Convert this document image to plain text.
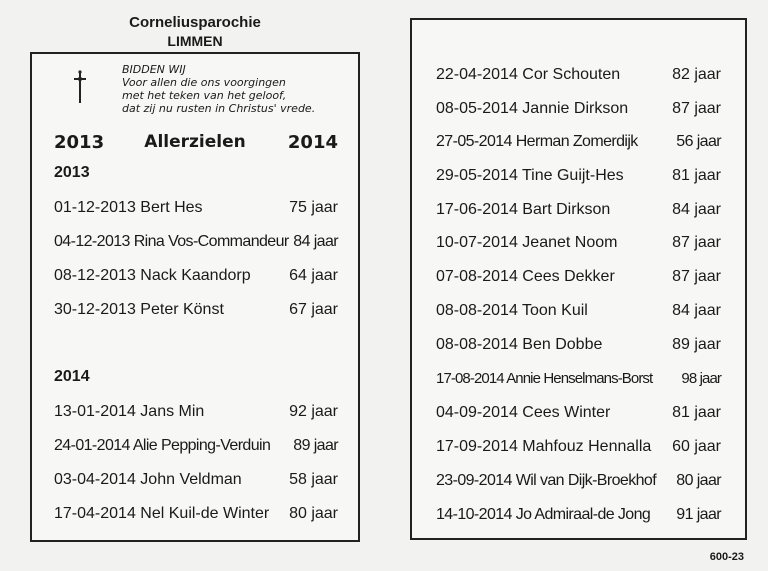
Corneliusparochie
LIMMEN
BIDDEN WIJ
Voor allen die ons voorgingen
met het teken van het geloof,
dat zij nu rusten in Christus' vrede.
2013	Allerzielen	2014
2013
01-12-2013 Bert Hes	75 jaar
04-12-2013 Rina Vos-Commandeur 84 jaar
08-12-2013 Nack Kaandorp 64 jaar
30-12-2013 Peter Könst	67 jaar
2014
13-01-2014 Jans Min	92 jaar
24-01-2014 Alie Pepping-Verduin 89 jaar
03-04-2014 John Veldman	58 jaar
17-04-2014 Nel Kuil-de Winter 80 jaar
22-04-2014 Cor Schouten	82 jaar
08-05-2014 Jannie Dirkson	87 jaar
27-05-2014 Herman Zomerdijk 56 jaar
29-05-2014 Tine Guijt-Hes	81 jaar
17-06-2014 Bart Dirkson	84 jaar
10-07-2014 Jeanet Noom	87 jaar
07-08-2014 Cees Dekker	87 jaar
08-08-2014 Toon Kuil	84 jaar
08-08-2014 Ben Dobbe	89 jaar
17-08-2014 Annie Henselmans-Borst 98 jaar
04-09-2014 Cees Winter	81 jaar
17-09-2014 Mahfouz Hennalla 60 jaar
23-09-2014 Wil van Dijk-Broekhof 80 jaar
14-10-2014 Jo Admiraal-de Jong 91 jaar
600-23
